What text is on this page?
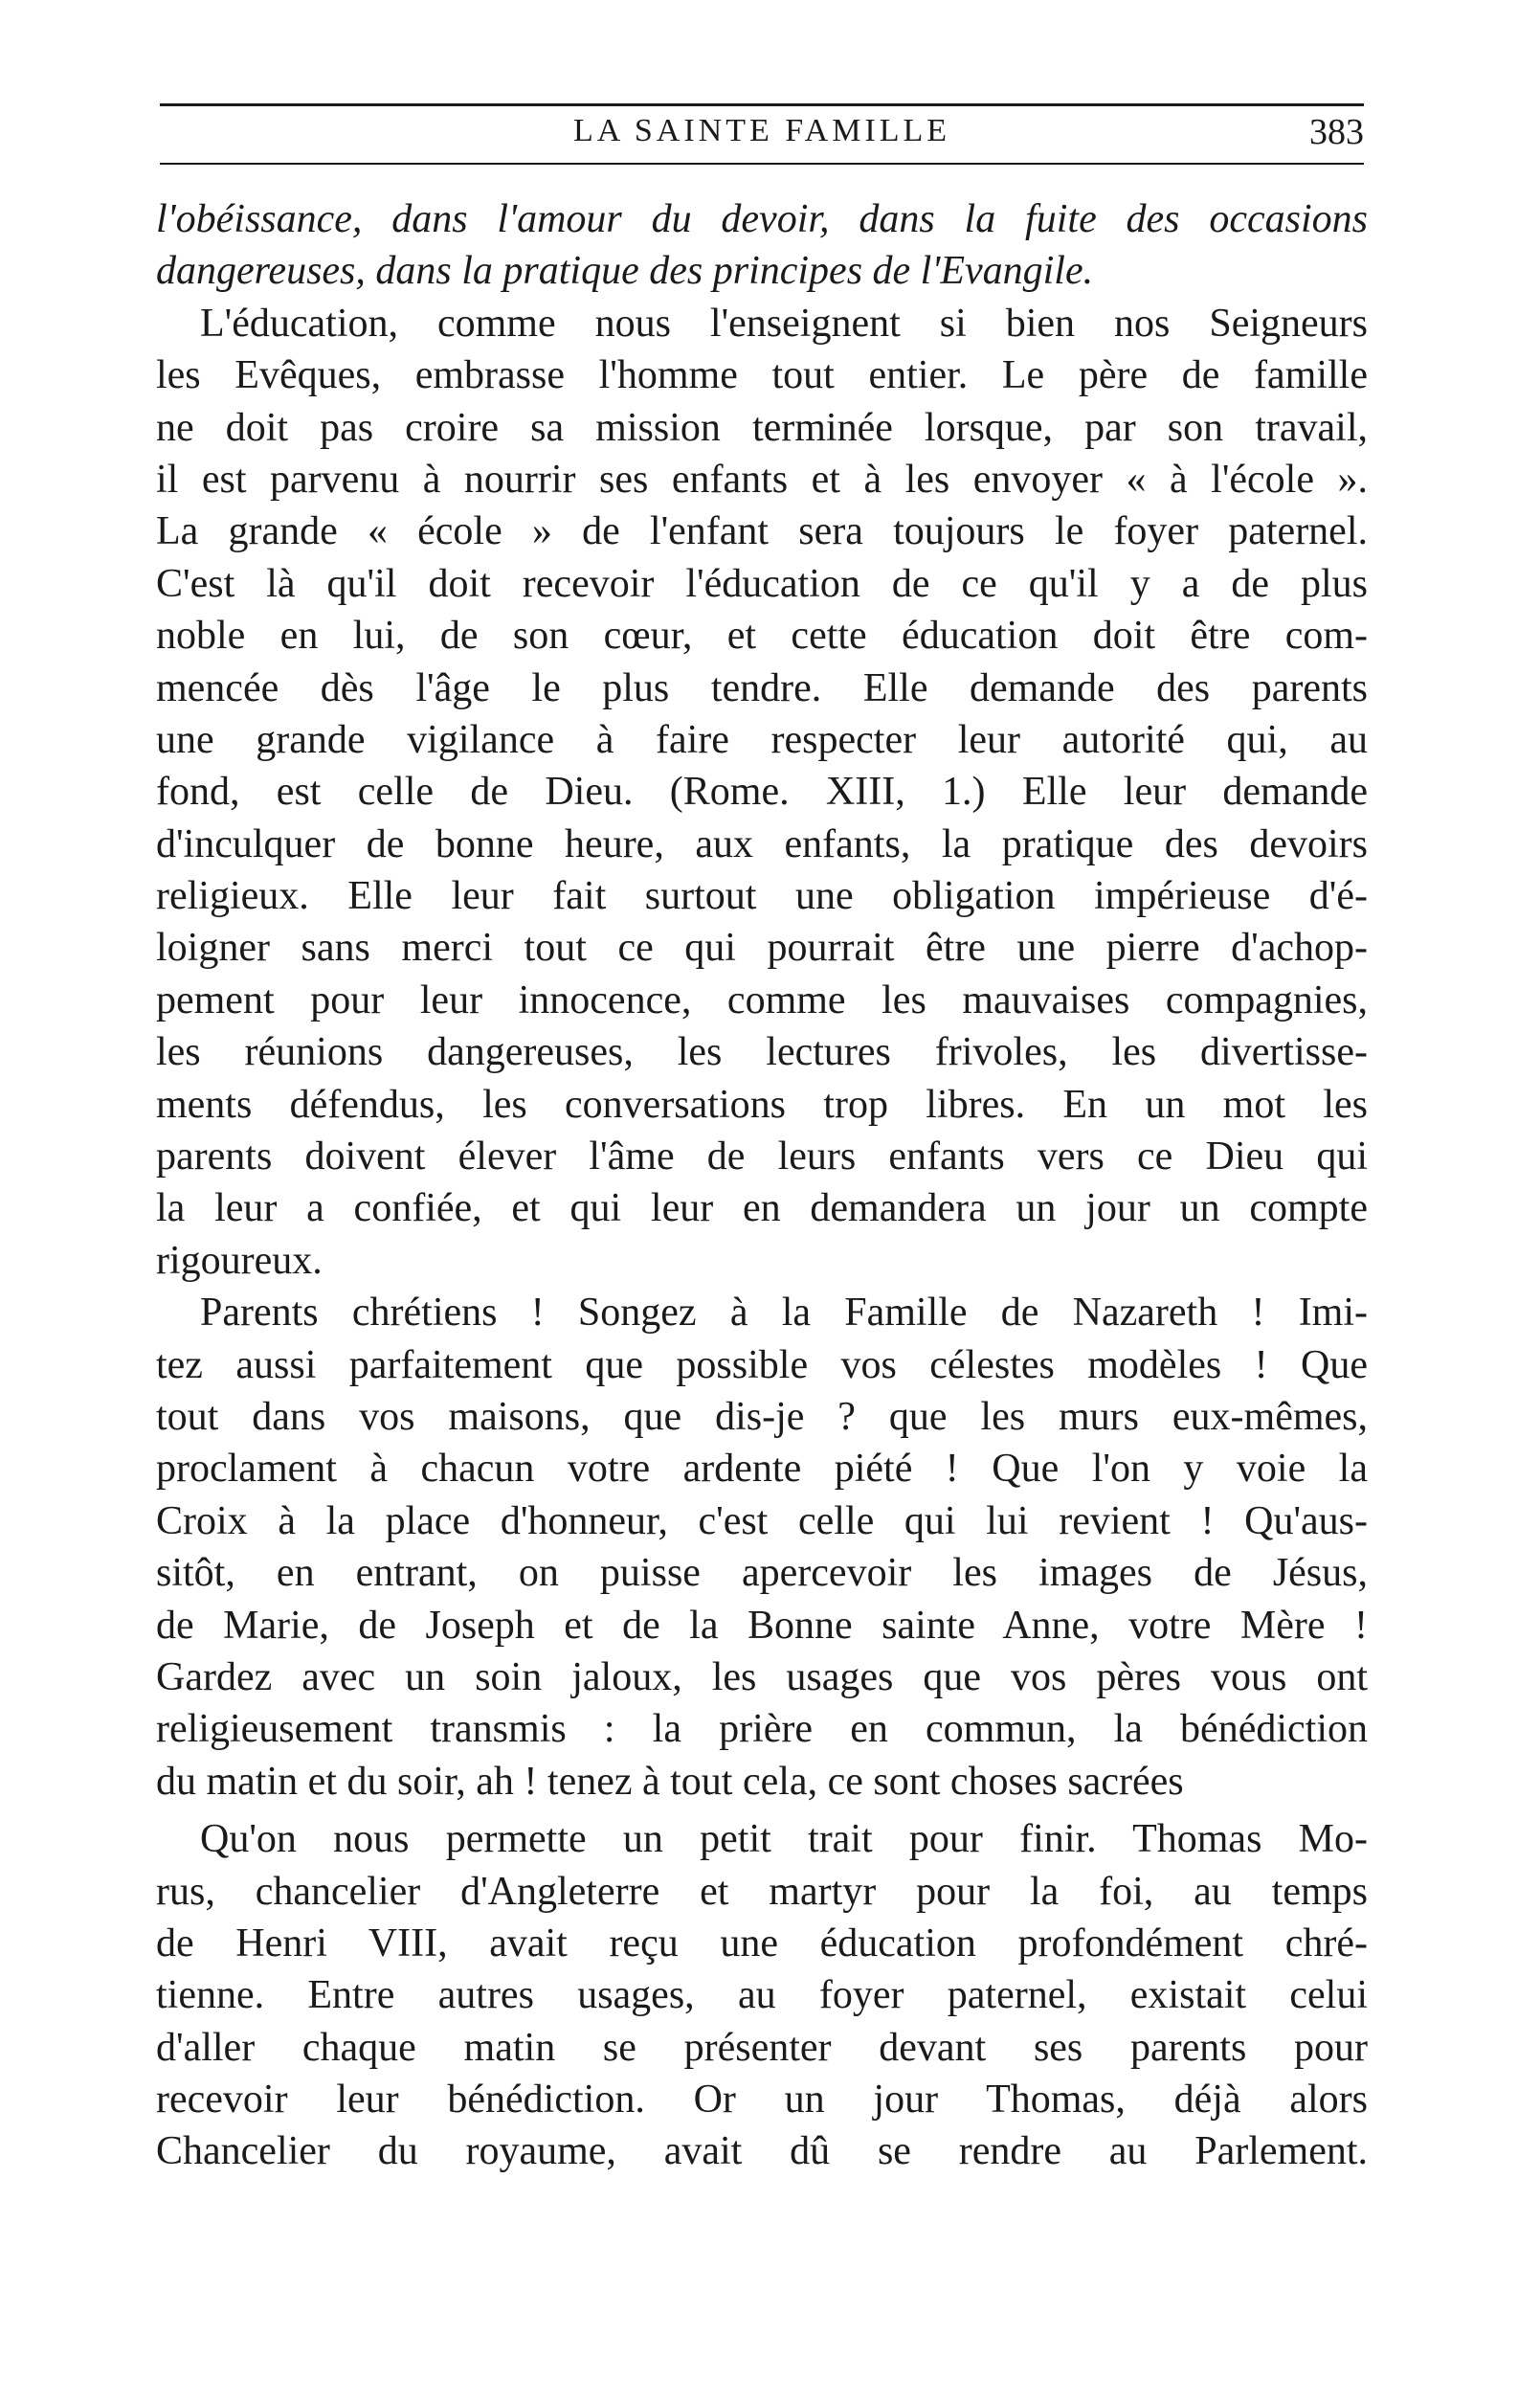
LA SAINTE FAMILLE	383
l'obéissance, dans l'amour du devoir, dans la fuite des occasions
dangereuses, dans la pratique des principes de l'Evangile.
L'éducation, comme nous l'enseignent si bien nos Seigneurs
les Evêques, embrasse l'homme tout entier. Le père de famille
ne doit pas croire sa mission terminée lorsque, par son travail,
il est parvenu à nourrir ses enfants et à les envoyer « à l'école ».
La grande « école » de l'enfant sera toujours le foyer paternel.
C'est là qu'il doit recevoir l'éducation de ce qu'il y a de plus
noble en lui, de son cœur, et cette éducation doit être com-
mencée dès l'âge le plus tendre. Elle demande des parents
une grande vigilance à faire respecter leur autorité qui, au
fond, est celle de Dieu. (Rome. XIII, 1.) Elle leur demande
d'inculquer de bonne heure, aux enfants, la pratique des devoirs
religieux. Elle leur fait surtout une obligation impérieuse d'é-
loigner sans merci tout ce qui pourrait être une pierre d'achop-
pement pour leur innocence, comme les mauvaises compagnies,
les réunions dangereuses, les lectures frivoles, les divertisse-
ments défendus, les conversations trop libres. En un mot les
parents doivent élever l'âme de leurs enfants vers ce Dieu qui
la leur a confiée, et qui leur en demandera un jour un compte
rigoureux.
Parents chrétiens ! Songez à la Famille de Nazareth ! Imi-
tez aussi parfaitement que possible vos célestes modèles ! Que
tout dans vos maisons, que dis-je ? que les murs eux-mêmes,
proclament à chacun votre ardente piété ! Que l'on y voie la
Croix à la place d'honneur, c'est celle qui lui revient ! Qu'aus-
sitôt, en entrant, on puisse apercevoir les images de Jésus,
de Marie, de Joseph et de la Bonne sainte Anne, votre Mère !
Gardez avec un soin jaloux, les usages que vos pères vous ont
religieusement transmis : la prière en commun, la bénédiction
du matin et du soir, ah ! tenez à tout cela, ce sont choses sacrées
Qu'on nous permette un petit trait pour finir. Thomas Mo-
rus, chancelier d'Angleterre et martyr pour la foi, au temps
de Henri VIII, avait reçu une éducation profondément chré-
tienne. Entre autres usages, au foyer paternel, existait celui
d'aller chaque matin se présenter devant ses parents pour
recevoir leur bénédiction. Or un jour Thomas, déjà alors
Chancelier du royaume, avait dû se rendre au Parlement.
